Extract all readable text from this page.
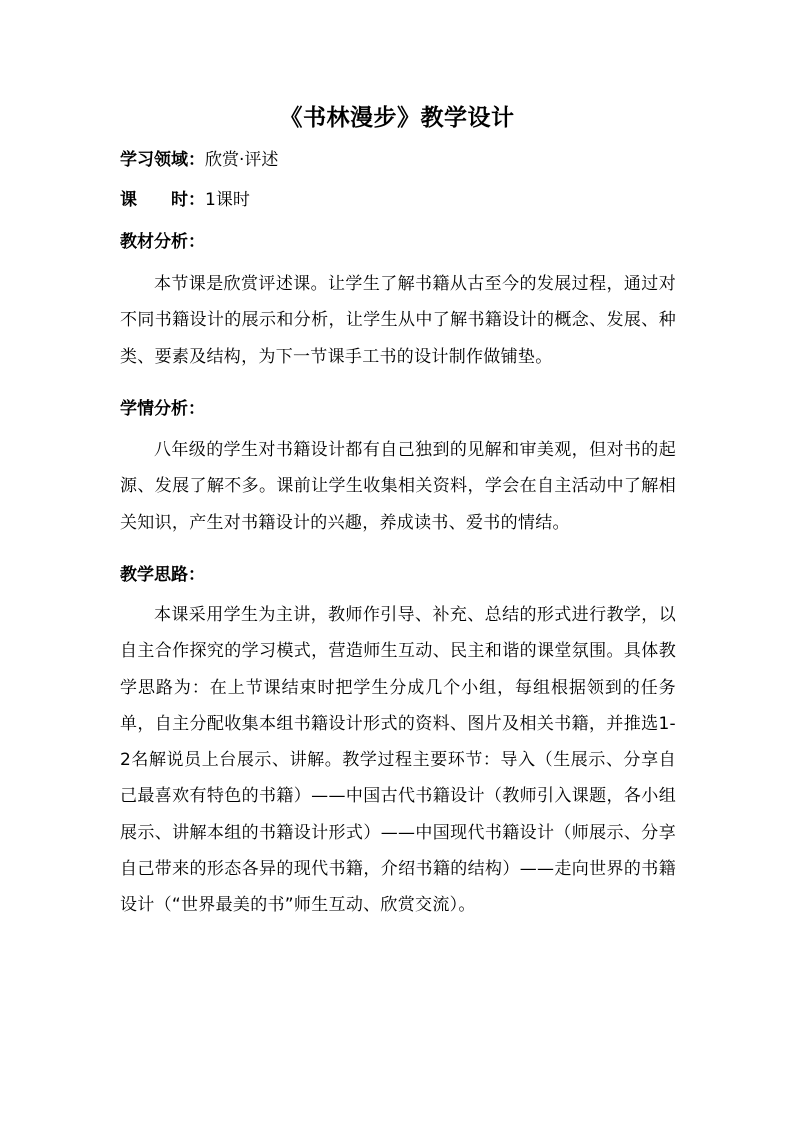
《书林漫步》教学设计
学习领域：欣赏·评述
课 时：1课时
教材分析：
本节课是欣赏评述课。让学生了解书籍从古至今的发展过程，通过对不同书籍设计的展示和分析，让学生从中了解书籍设计的概念、发展、种类、要素及结构，为下一节课手工书的设计制作做铺垫。
学情分析：
八年级的学生对书籍设计都有自己独到的见解和审美观，但对书的起源、发展了解不多。课前让学生收集相关资料，学会在自主活动中了解相关知识，产生对书籍设计的兴趣，养成读书、爱书的情结。
教学思路：
本课采用学生为主讲，教师作引导、补充、总结的形式进行教学，以自主合作探究的学习模式，营造师生互动、民主和谐的课堂氛围。具体教学思路为：在上节课结束时把学生分成几个小组，每组根据领到的任务单，自主分配收集本组书籍设计形式的资料、图片及相关书籍，并推选1-2名解说员上台展示、讲解。教学过程主要环节：导入（生展示、分享自己最喜欢有特色的书籍）——中国古代书籍设计（教师引入课题，各小组展示、讲解本组的书籍设计形式）——中国现代书籍设计（师展示、分享自己带来的形态各异的现代书籍，介绍书籍的结构）——走向世界的书籍设计（“世界最美的书”师生互动、欣赏交流）。
